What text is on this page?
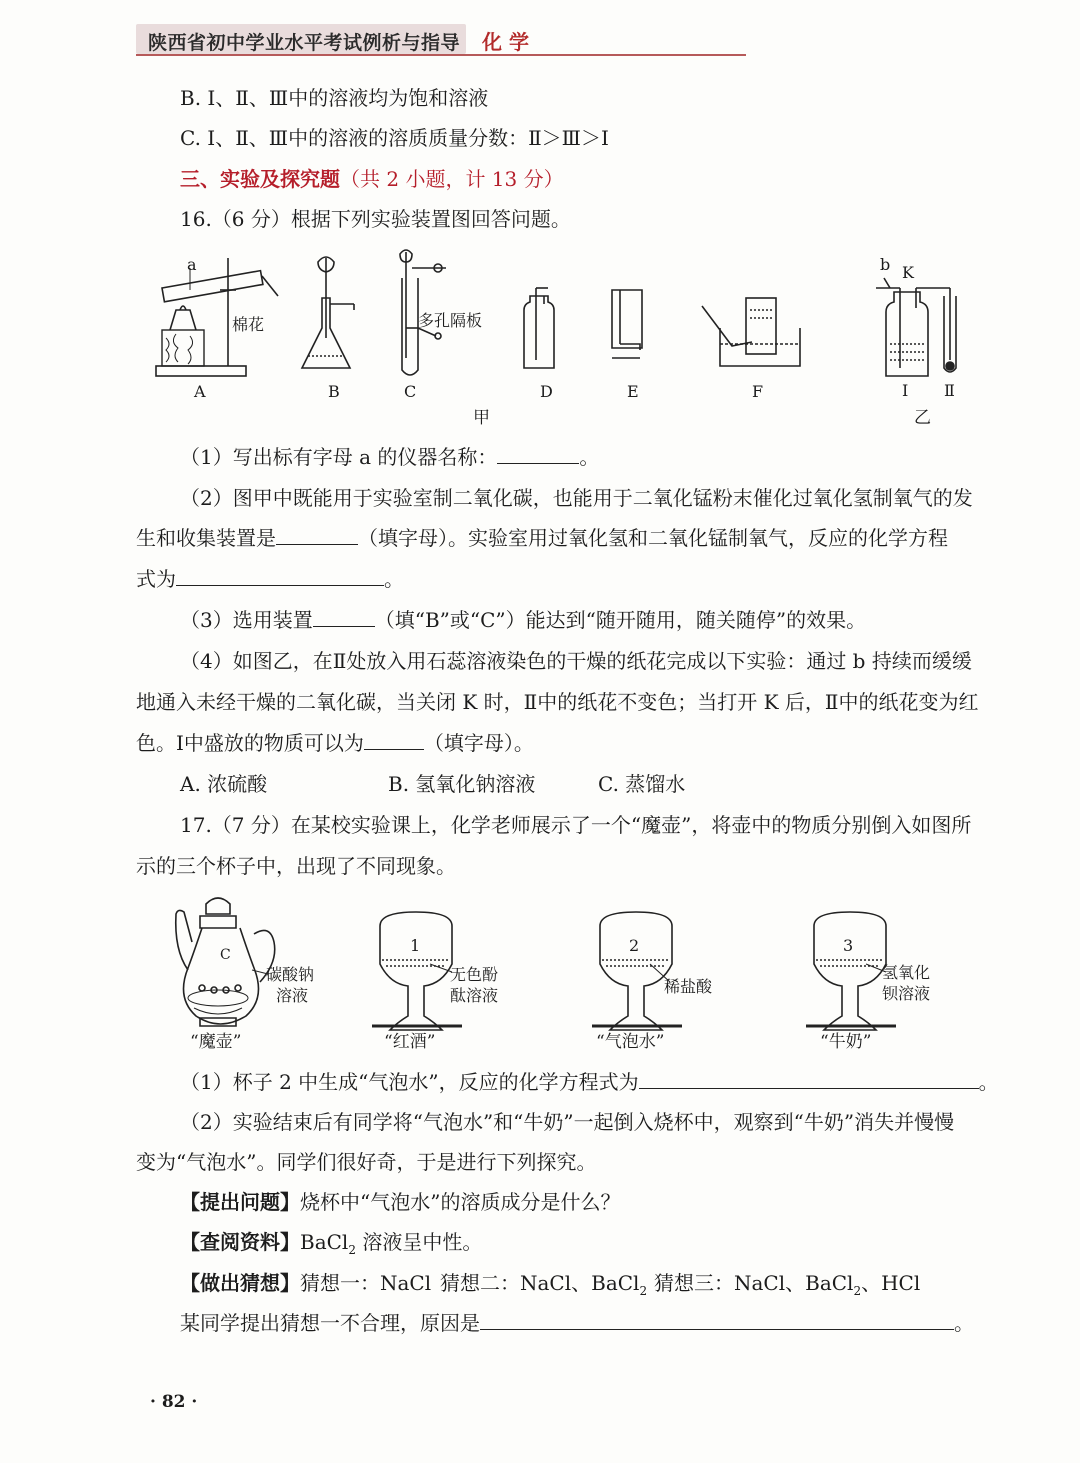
陕西省初中学业水平考试例析与指导 化 学
B. Ⅰ、Ⅱ、Ⅲ中的溶液均为饱和溶液
C. Ⅰ、Ⅱ、Ⅲ中的溶液的溶质质量分数：Ⅱ＞Ⅲ＞Ⅰ
三、实验及探究题（共 2 小题，计 13 分）
16.（6 分）根据下列实验装置图回答问题。
a
棉花	多孔隔板
b K
A	B	C	D	E	F	Ⅰ Ⅱ
甲	乙
（1）写出标有字母 a 的仪器名称：	。
（2）图甲中既能用于实验室制二氧化碳，也能用于二氧化锰粉末催化过氧化氢制氧气的发
生和收集装置是	（填字母）。实验室用过氧化氢和二氧化锰制氧气，反应的化学方程
式为	。
（3）选用装置	（填“B”或“C”）能达到“随开随用，随关随停”的效果。
（4）如图乙，在Ⅱ处放入用石蕊溶液染色的干燥的纸花完成以下实验：通过 b 持续而缓缓
地通入未经干燥的二氧化碳，当关闭 K 时，Ⅱ中的纸花不变色；当打开 K 后，Ⅱ中的纸花变为红
色。Ⅰ中盛放的物质可以为	（填字母）。
A. 浓硫酸	B. 氢氧化钠溶液	C. 蒸馏水
17.（7 分）在某校实验课上，化学老师展示了一个“魔壶”，将壶中的物质分别倒入如图所
示的三个杯子中，出现了不同现象。
C
碳酸钠
溶液
“魔壶”
1
无色酚
酞溶液
“红酒”
2
稀盐酸
“气泡水”
3
氢氧化
钡溶液
“牛奶”
（1）杯子 2 中生成“气泡水”，反应的化学方程式为	。
（2）实验结束后有同学将“气泡水”和“牛奶”一起倒入烧杯中，观察到“牛奶”消失并慢慢
变为“气泡水”。同学们很好奇，于是进行下列探究。
【提出问题】烧杯中“气泡水”的溶质成分是什么？
【查阅资料】BaCl$_2$ 溶液呈中性。
【做出猜想】猜想一：NaCl 猜想二：NaCl、BaCl$_2$ 猜想三：NaCl、BaCl$_2$、HCl
某同学提出猜想一不合理，原因是	。
· 82 ·
